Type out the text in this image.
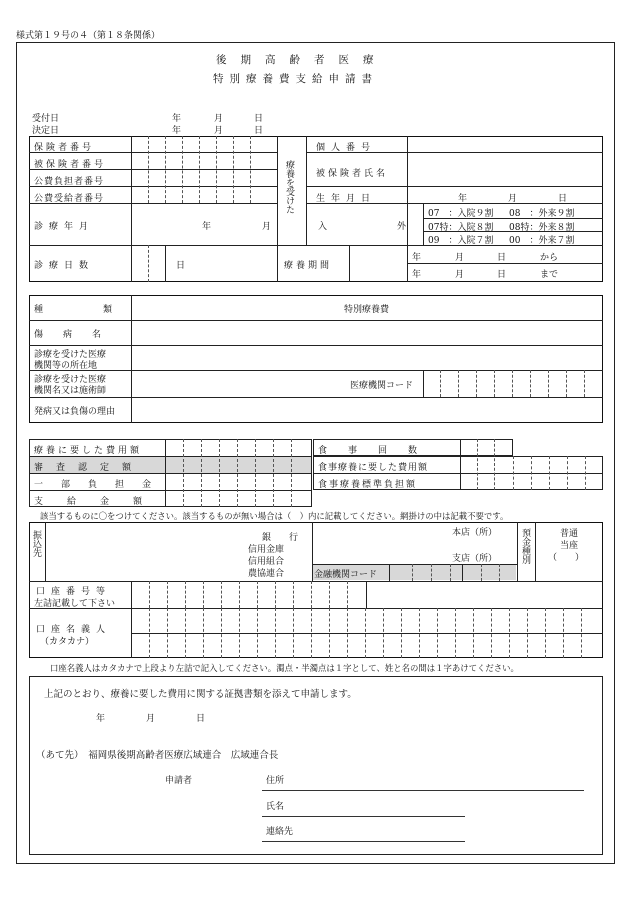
様式第１９号の４（第１８条関係）
後期高齢者医療
特別療養費支給申請書
受付日
決定日
年	月	日
年	月	日
保険者番号
被保険者番号
公費負担者番号
公費受給者番号
診療年月	年	月
診療日数	日
療養を受けた
個人番号
被保険者氏名
生年月日	年	月	日
入	外
07　：入院９割 08　：外来９割
07特：入院８割 08特：外来８割
09　：入院７割 00　：外来７割
療養期間
年	月	日	から
年	月	日	まで
種類	特別療養費
傷病名
診療を受けた医療
機関等の所在地
診療を受けた医療
機関名又は施術師	医療機関コード
発病又は負傷の理由
療養に要した費用額
審査認定額
一部負担金
支給金額
食事回数
食事療養に要した費用額
食事療養標準負担額
該当するものに〇をつけてください。該当するものが無い場合は（　）内に記載してください。網掛けの中は記載不要です。
振込先	銀　　行
信用金庫
信用組合
農協連合
本店（所）
支店（所）
金融機関コード
預金種別	普通
当座
（　　）
口座番号等
左詰記載して下さい
口座名義人
（カタカナ）
口座名義人はカタカナで上段より左詰で記入してください。濁点・半濁点は１字として、姓と名の間は１字あけてください。
上記のとおり、療養に要した費用に関する証拠書類を添えて申請します。
年	月	日
（あて先）　福岡県後期高齢者医療広域連合　広域連合長
申請者	住所
氏名
連絡先
